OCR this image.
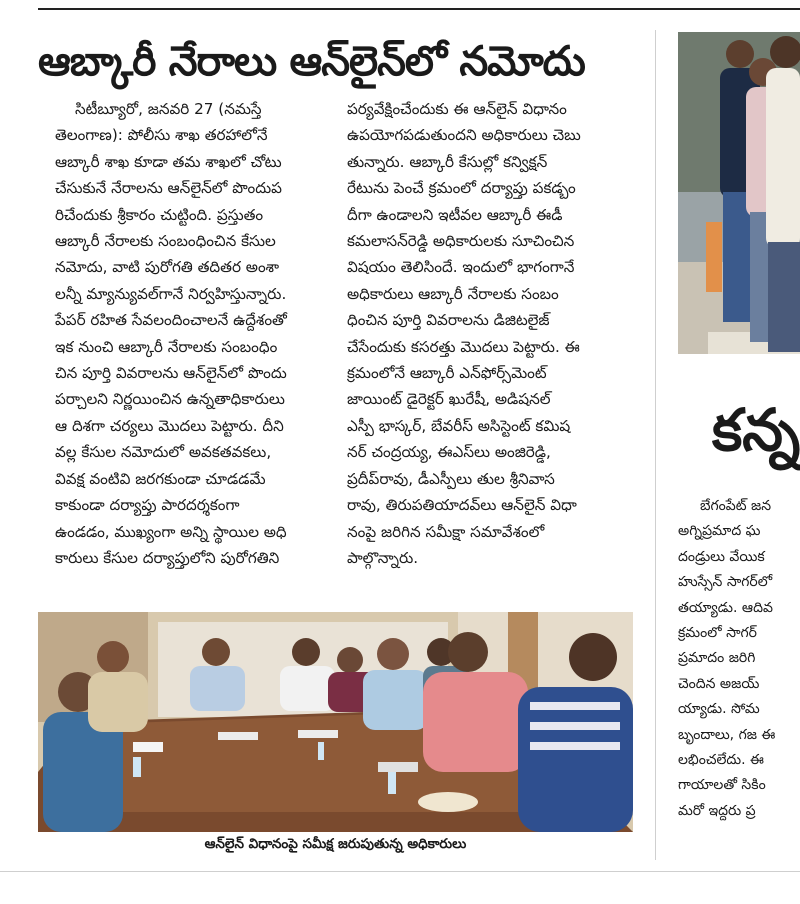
ఆబ్కారీ నేరాలు ఆన్‌లైన్‌లో నమోదు

సిటీబ్యూరో, జనవరి 27 (నమస్తే

తెలంగాణ): పోలీసు శాఖ తరహాలోనే

ఆబ్కారీ శాఖ కూడా తమ శాఖలో చోటు

చేసుకునే నేరాలను ఆన్‌లైన్‌లో పొందుప

రిచేందుకు శ్రీకారం చుట్టింది. ప్రస్తుతం

ఆబ్కారీ నేరాలకు సంబంధించిన కేసుల

నమోదు, వాటి పురోగతి తదితర అంశా

లన్నీ మ్యాన్యువల్‌గానే నిర్వహిస్తున్నారు.

పేపర్ రహిత సేవలందించాలనే ఉద్దేశంతో

ఇక నుంచి ఆబ్కారీ నేరాలకు సంబంధిం

చిన పూర్తి వివరాలను ఆన్‌లైన్‌లో పొందు

పర్చాలని నిర్ణయించిన ఉన్నతాధికారులు

ఆ దిశగా చర్యలు మొదలు పెట్టారు. దీని

వల్ల కేసుల నమోదులో అవకతవకలు,

వివక్ష వంటివి జరగకుండా చూడడమే

కాకుండా దర్యాప్తు పారదర్శకంగా

ఉండడం, ముఖ్యంగా అన్ని స్థాయిల అధి

కారులు కేసుల దర్యాప్తులోని పురోగతిని

పర్యవేక్షించేందుకు ఈ ఆన్‌లైన్ విధానం

ఉపయోగపడుతుందని అధికారులు చెబు

తున్నారు. ఆబ్కారీ కేసుల్లో కన్విక్షన్

రేటును పెంచే క్రమంలో దర్యాప్తు పకడ్బం

దీగా ఉండాలని ఇటీవల ఆబ్కారీ ఈడీ

కమలాసన్‌రెడ్డి అధికారులకు సూచించిన

విషయం తెలిసిందే. ఇందులో భాగంగానే

అధికారులు ఆబ్కారీ నేరాలకు సంబం

ధించిన పూర్తి వివరాలను డిజిటలైజ్

చేసేందుకు కసరత్తు మొదలు పెట్టారు. ఈ

క్రమంలోనే ఆబ్కారీ ఎన్‌ఫోర్స్‌మెంట్

జాయింట్ డైరెక్టర్ ఖురేషీ, అడిషనల్

ఎస్పీ భాస్కర్, బేవరీస్ అసిస్టెంట్ కమిష

నర్ చంద్రయ్య, ఈఎస్‌లు అంజిరెడ్డి,

ప్రదీప్‌రావు, డీఎస్పీలు తుల శ్రీనివాస

రావు, తిరుపతియాదవ్‌లు ఆన్‌లైన్ విధా

నంపై జరిగిన సమీక్షా సమావేశంలో

పాల్గొన్నారు.

ఆన్‌లైన్ విధానంపై సమీక్ష జరుపుతున్న అధికారులు
కన్న
బేగంపేట్ జన
అగ్నిప్రమాద ఘ
దండ్రులు వేయిక
హుస్సేన్ సాగర్‌లో
తయ్యాడు. ఆదివ
క్రమంలో సాగర్
ప్రమాదం జరిగి
చెందిన అజయ్
య్యాడు. సోమ
బృందాలు, గజ ఈ
లభించలేదు. ఈ
గాయాలతో సికిం
మరో ఇద్దరు ప్ర
